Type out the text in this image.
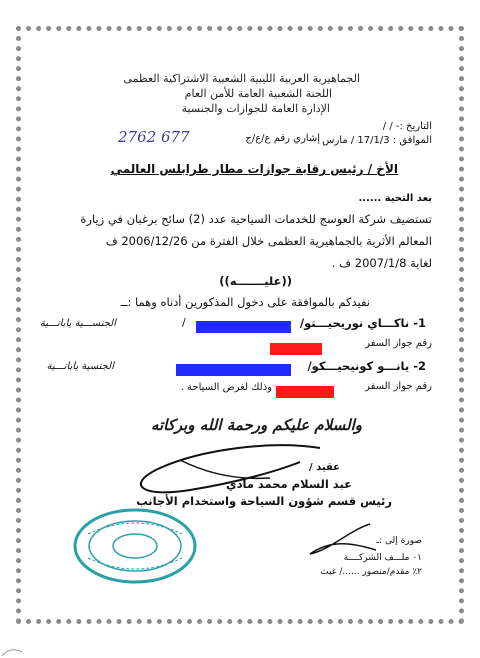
الجماهيرية العربية الليبية الشعبية الاشتراكية العظمى
اللجنة الشعبية العامة للأمن العام
الإدارة العامة للجوازات والجنسية
التاريخ :- / /
الموافق : 17/1/3 / مارس
إشاري رقم ع/ع/ج
2762 677
الأخ / رئيس رقابة جوازات مطار طرابلس العالمي
بعد التحية ......
تستضيف شركة العوسج للخدمات السياحية عدد (2) سائح برغبان في زيارة
المعالم الأثرية بالجماهيرية العظمى خلال الفترة من 2006/12/26 ف
لغاية 2007/1/8 ف .
((عليـــــــه))
نفيدكم بالموافقة على دخول المذكورين أدناه وهما :ــ
1- ناكـــاي نوريحيـــتو/
/
الجنســـية يابانـــية
رقم جواز السفر
2- يانـــو كونيحيـــكو/
الجنسية يابانـــية
رقم جواز السفر
وذلك لغرض السياحة .
والسلام عليكم ورحمة الله وبركاته
عقيد /
عبد السلام محمد مادي
رئيس قسم شؤون السياحة واستخدام الأجانب
صورة إلى :ـ
٠١ ملـــف الشركــــة
٢٪ مقدم/منصور ....../ غيث
